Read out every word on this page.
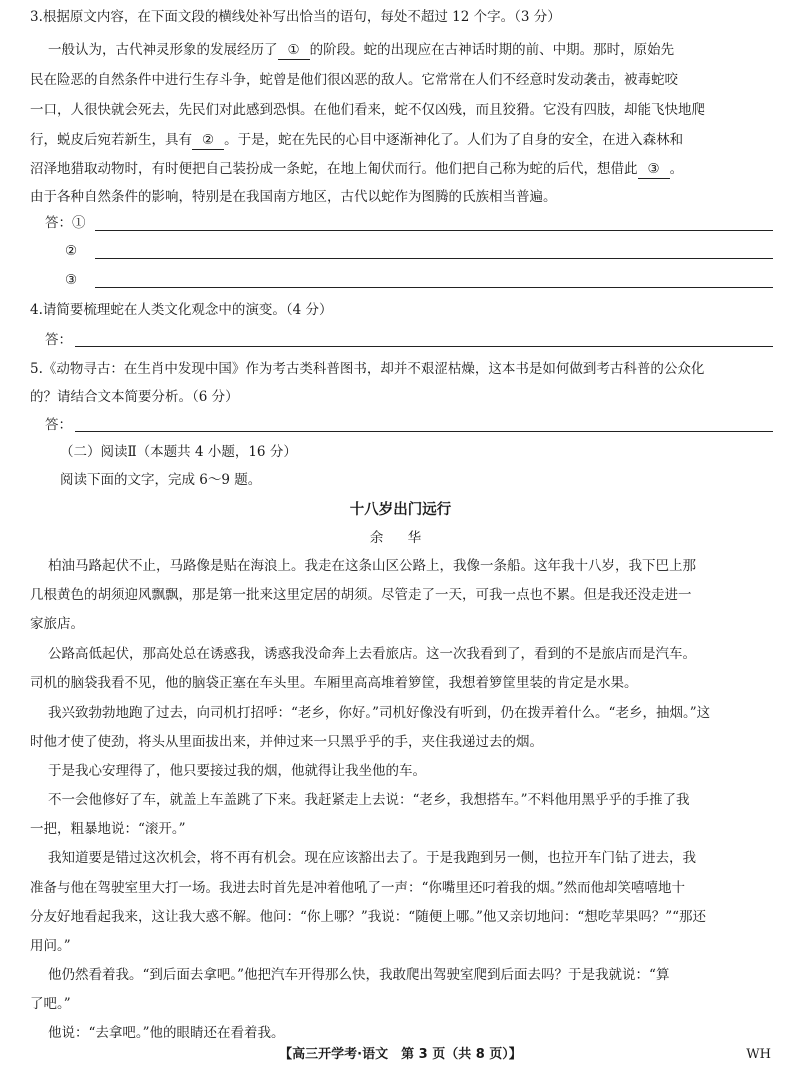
3.根据原文内容，在下面文段的横线处补写出恰当的语句，每处不超过 12 个字。（3 分）
一般认为，古代神灵形象的发展经历了 ① 的阶段。蛇的出现应在古神话时期的前、中期。那时，原始先
民在险恶的自然条件中进行生存斗争，蛇曾是他们很凶恶的敌人。它常常在人们不经意时发动袭击，被毒蛇咬
一口，人很快就会死去，先民们对此感到恐惧。在他们看来，蛇不仅凶残，而且狡猾。它没有四肢，却能飞快地爬
行，蜕皮后宛若新生，具有 ② 。于是，蛇在先民的心目中逐渐神化了。人们为了自身的安全，在进入森林和
沼泽地猎取动物时，有时便把自己装扮成一条蛇，在地上匍伏而行。他们把自己称为蛇的后代，想借此 ③ 。
由于各种自然条件的影响，特别是在我国南方地区，古代以蛇作为图腾的氏族相当普遍。
答：①
②
③
4.请简要梳理蛇在人类文化观念中的演变。（4 分）
答：
5.《动物寻古：在生肖中发现中国》作为考古类科普图书，却并不艰涩枯燥，这本书是如何做到考古科普的公众化
的？请结合文本简要分析。（6 分）
答：
（二）阅读Ⅱ（本题共 4 小题，16 分）
阅读下面的文字，完成 6～9 题。
十八岁出门远行
余 华
柏油马路起伏不止，马路像是贴在海浪上。我走在这条山区公路上，我像一条船。这年我十八岁，我下巴上那
几根黄色的胡须迎风飘飘，那是第一批来这里定居的胡须。尽管走了一天，可我一点也不累。但是我还没走进一
家旅店。
公路高低起伏，那高处总在诱惑我，诱惑我没命奔上去看旅店。这一次我看到了，看到的不是旅店而是汽车。
司机的脑袋我看不见，他的脑袋正塞在车头里。车厢里高高堆着箩筐，我想着箩筐里装的肯定是水果。
我兴致勃勃地跑了过去，向司机打招呼：“老乡，你好。”司机好像没有听到，仍在拨弄着什么。“老乡，抽烟。”这
时他才使了使劲，将头从里面拔出来，并伸过来一只黑乎乎的手，夹住我递过去的烟。
于是我心安理得了，他只要接过我的烟，他就得让我坐他的车。
不一会他修好了车，就盖上车盖跳了下来。我赶紧走上去说：“老乡，我想搭车。”不料他用黑乎乎的手推了我
一把，粗暴地说：“滚开。”
我知道要是错过这次机会，将不再有机会。现在应该豁出去了。于是我跑到另一侧，也拉开车门钻了进去，我
准备与他在驾驶室里大打一场。我进去时首先是冲着他吼了一声：“你嘴里还叼着我的烟。”然而他却笑嘻嘻地十
分友好地看起我来，这让我大惑不解。他问：“你上哪？”我说：“随便上哪。”他又亲切地问：“想吃苹果吗？”“那还
用问。”
他仍然看着我。“到后面去拿吧。”他把汽车开得那么快，我敢爬出驾驶室爬到后面去吗？于是我就说：“算
了吧。”
他说：“去拿吧。”他的眼睛还在看着我。
【高三开学考·语文　第 3 页（共 8 页）】	WH
